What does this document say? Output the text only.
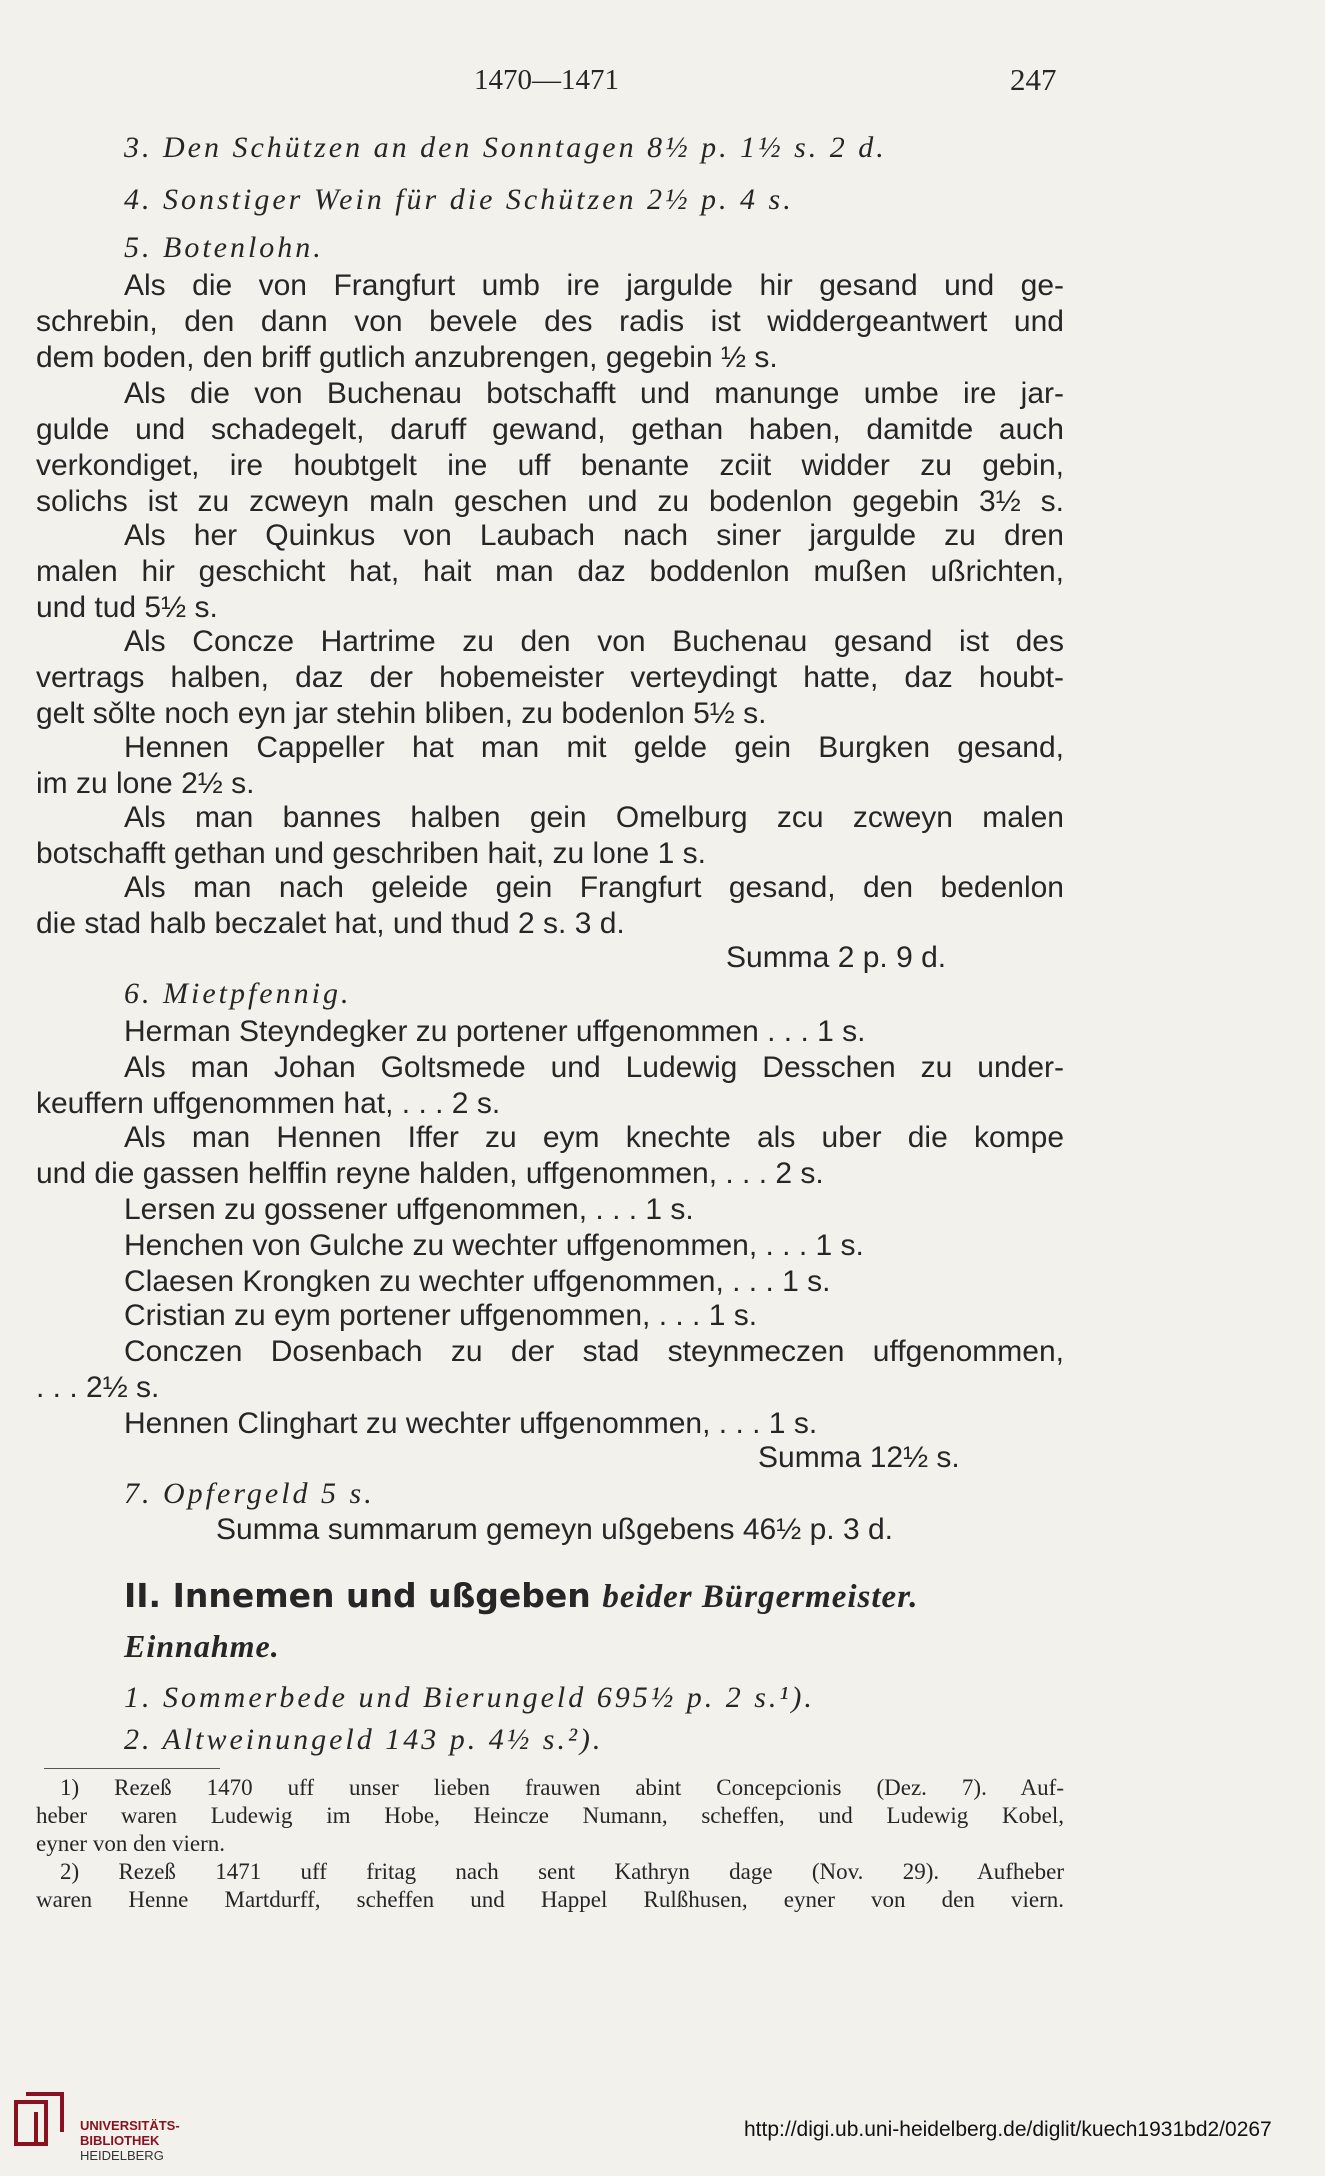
1470—1471	247
3. Den Schützen an den Sonntagen 8½ p. 1½ s. 2 d.
4. Sonstiger Wein für die Schützen 2½ p. 4 s.
5. Botenlohn.
Als die von Frangfurt umb ire jargulde hir gesand und ge-
schrebin, den dann von bevele des radis ist widdergeantwert und
dem boden, den briff gutlich anzubrengen, gegebin ½ s.
Als die von Buchenau botschafft und manunge umbe ire jar-
gulde und schadegelt, daruff gewand, gethan haben, damitde auch
verkondiget, ire houbtgelt ine uff benante zciit widder zu gebin,
solichs ist zu zcweyn maln geschen und zu bodenlon gegebin 3½ s.
Als her Quinkus von Laubach nach siner jargulde zu dren
malen hir geschicht hat, hait man daz boddenlon mußen ußrichten,
und tud 5½ s.
Als Concze Hartrime zu den von Buchenau gesand ist des
vertrags halben, daz der hobemeister verteydingt hatte, daz houbt-
gelt sǒlte noch eyn jar stehin bliben, zu bodenlon 5½ s.
Hennen Cappeller hat man mit gelde gein Burgken gesand,
im zu lone 2½ s.
Als man bannes halben gein Omelburg zcu zcweyn malen
botschafft gethan und geschriben hait, zu lone 1 s.
Als man nach geleide gein Frangfurt gesand, den bedenlon
die stad halb beczalet hat, und thud 2 s. 3 d.
Summa 2 p. 9 d.
6. Mietpfennig.
Herman Steyndegker zu portener uffgenommen . . . 1 s.
Als man Johan Goltsmede und Ludewig Desschen zu under-
keuffern uffgenommen hat, . . . 2 s.
Als man Hennen Iffer zu eym knechte als uber die kompe
und die gassen helffin reyne halden, uffgenommen, . . . 2 s.
Lersen zu gossener uffgenommen, . . . 1 s.
Henchen von Gulche zu wechter uffgenommen, . . . 1 s.
Claesen Krongken zu wechter uffgenommen, . . . 1 s.
Cristian zu eym portener uffgenommen, . . . 1 s.
Conczen Dosenbach zu der stad steynmeczen uffgenommen,
. . . 2½ s.
Hennen Clinghart zu wechter uffgenommen, . . . 1 s.
Summa 12½ s.
7. Opfergeld 5 s.
Summa summarum gemeyn ußgebens 46½ p. 3 d.
II. Innemen und ußgeben beider Bürgermeister.
Einnahme.
1. Sommerbede und Bierungeld 695½ p. 2 s.¹).
2. Altweinungeld 143 p. 4½ s.²).
1) Rezeß 1470 uff unser lieben frauwen abint Concepcionis (Dez. 7). Auf-
heber waren Ludewig im Hobe, Heincze Numann, scheffen, und Ludewig Kobel,
eyner von den viern.
2) Rezeß 1471 uff fritag nach sent Kathryn dage (Nov. 29). Aufheber
waren Henne Martdurff, scheffen und Happel Rulßhusen, eyner von den viern.
UNIVERSITÄTS-
BIBLIOTHEK
HEIDELBERG
http://digi.ub.uni-heidelberg.de/diglit/kuech1931bd2/0267
